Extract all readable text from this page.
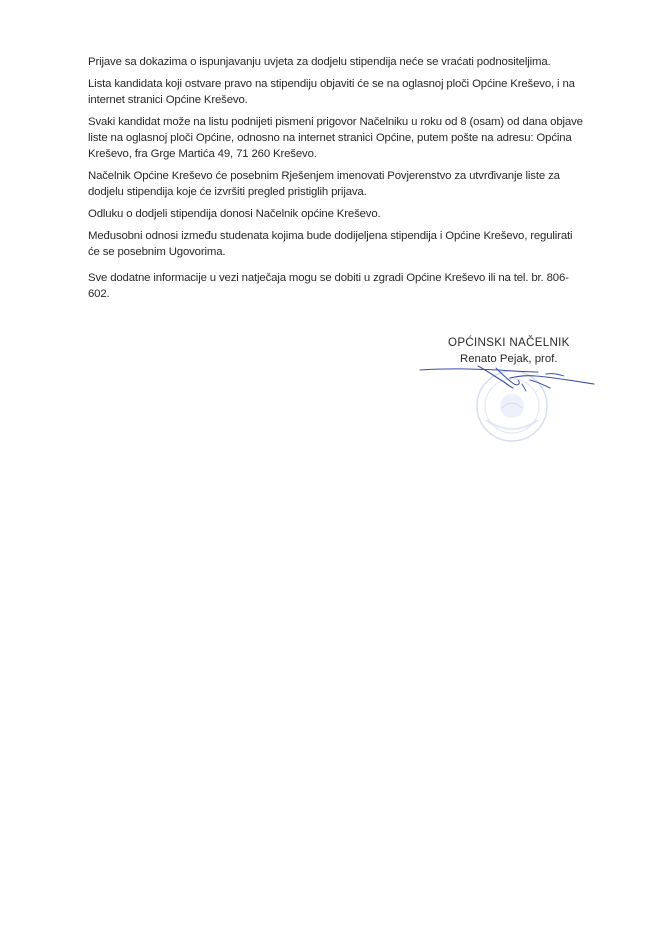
Prijave sa dokazima o ispunjavanju uvjeta za dodjelu stipendija neće se vraćati podnositeljima.

Lista kandidata koji ostvare pravo na stipendiju objaviti će se na oglasnoj ploči Općine Kreševo, i na internet stranici Općine Kreševo.

Svaki kandidat može na listu podnijeti pismeni prigovor Načelniku u roku od 8 (osam) od dana objave liste na oglasnoj ploči Općine, odnosno na internet stranici Općine, putem pošte na adresu: Općina Kreševo, fra Grge Martića 49, 71 260 Kreševo.

Načelnik Općine Kreševo će posebnim Rješenjem imenovati Povjerenstvo za utvrđivanje liste za dodjelu stipendija koje će izvršiti pregled pristiglih prijava.

Odluku o dodjeli stipendija donosi Načelnik općine Kreševo.

Međusobni odnosi između studenata kojima bude dodijeljena stipendija i Općine Kreševo, regulirati će se posebnim Ugovorima.

Sve dodatne informacije u vezi natječaja mogu se dobiti u zgradi Općine Kreševo ili na tel. br. 806-602.

OPĆINSKI NAČELNIK
Renato Pejak, prof.
